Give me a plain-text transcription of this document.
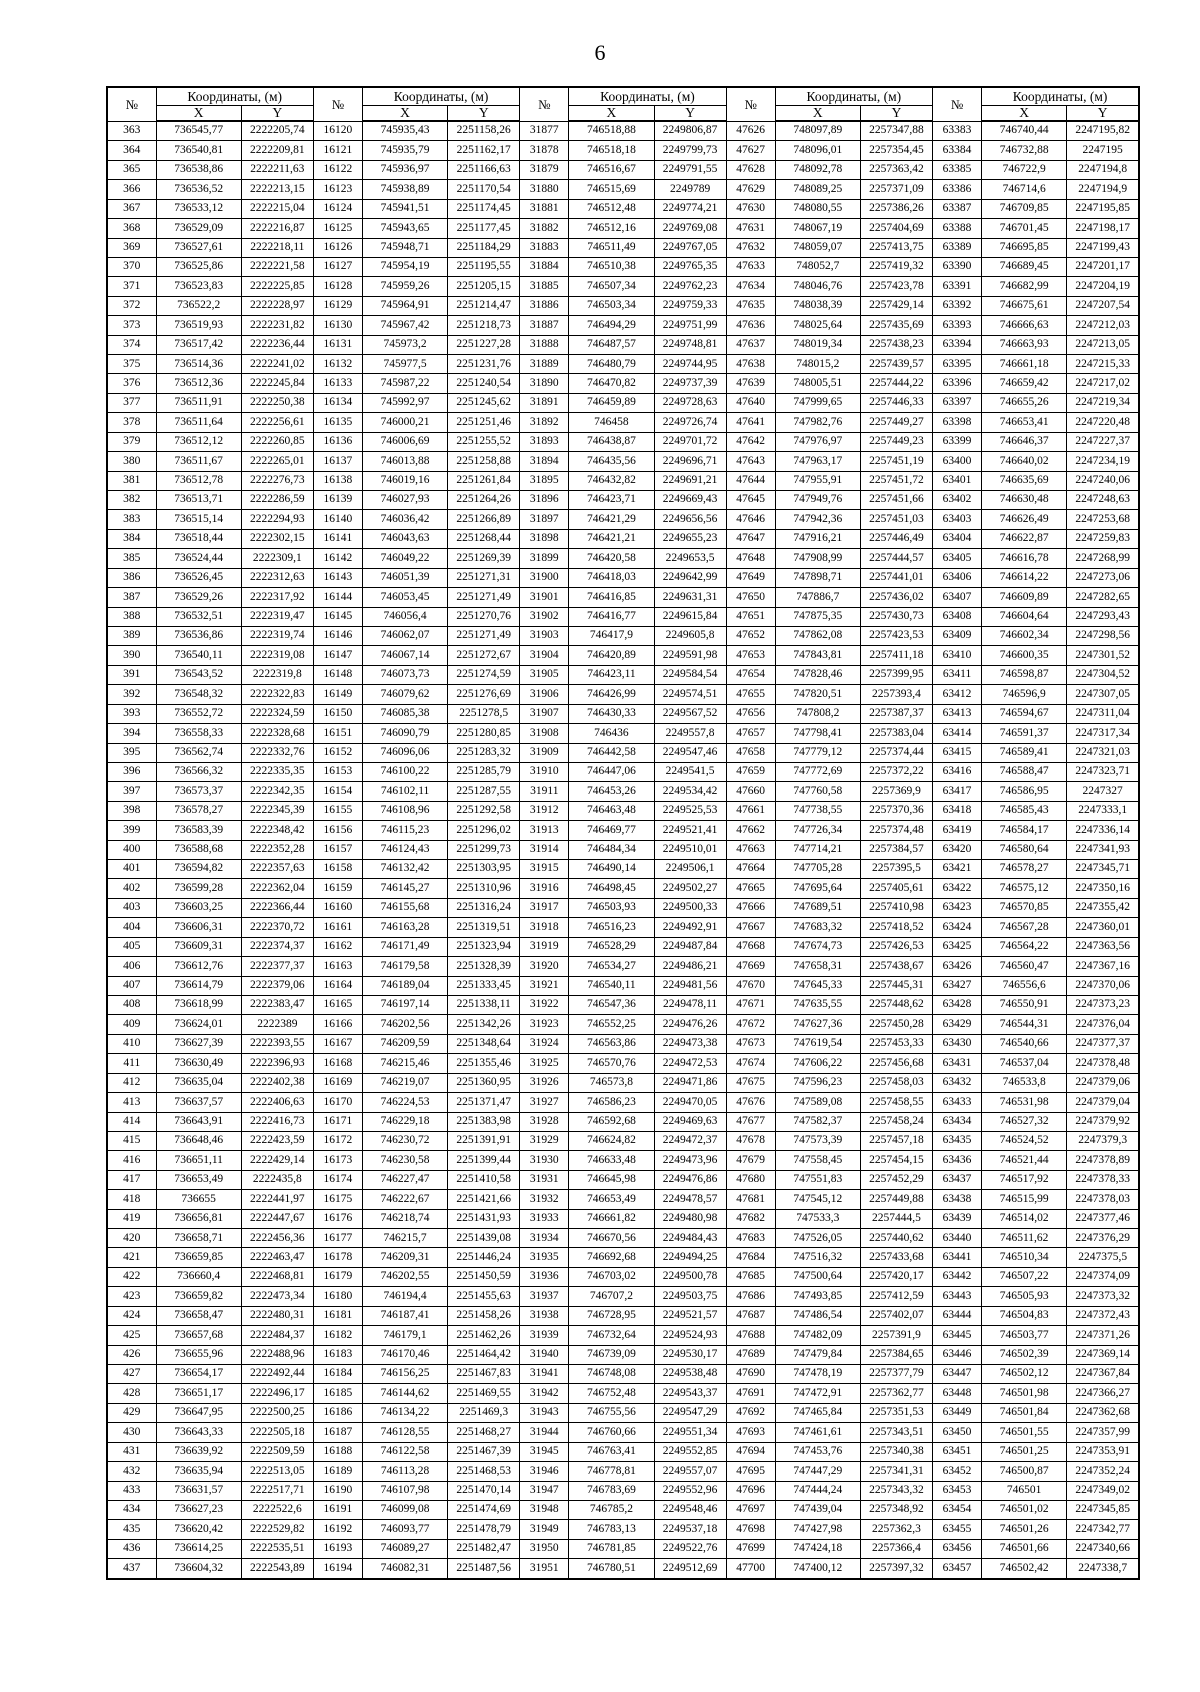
6
№	Координаты, (м)		№	Координаты, (м)		№	Координаты, (м)		№	Координаты, (м)		№	Координаты, (м)	
	X	Y		X	Y		X	Y		X	Y		X	Y
363	736545,77	2222205,74	16120	745935,43	2251158,26	31877	746518,88	2249806,87	47626	748097,89	2257347,88	63383	746740,44	2247195,82
364	736540,81	2222209,81	16121	745935,79	2251162,17	31878	746518,18	2249799,73	47627	748096,01	2257354,45	63384	746732,88	2247195
365	736538,86	2222211,63	16122	745936,97	2251166,63	31879	746516,67	2249791,55	47628	748092,78	2257363,42	63385	746722,9	2247194,8
366	736536,52	2222213,15	16123	745938,89	2251170,54	31880	746515,69	2249789	47629	748089,25	2257371,09	63386	746714,6	2247194,9
367	736533,12	2222215,04	16124	745941,51	2251174,45	31881	746512,48	2249774,21	47630	748080,55	2257386,26	63387	746709,85	2247195,85
368	736529,09	2222216,87	16125	745943,65	2251177,45	31882	746512,16	2249769,08	47631	748067,19	2257404,69	63388	746701,45	2247198,17
369	736527,61	2222218,11	16126	745948,71	2251184,29	31883	746511,49	2249767,05	47632	748059,07	2257413,75	63389	746695,85	2247199,43
370	736525,86	2222221,58	16127	745954,19	2251195,55	31884	746510,38	2249765,35	47633	748052,7	2257419,32	63390	746689,45	2247201,17
371	736523,83	2222225,85	16128	745959,26	2251205,15	31885	746507,34	2249762,23	47634	748046,76	2257423,78	63391	746682,99	2247204,19
372	736522,2	2222228,97	16129	745964,91	2251214,47	31886	746503,34	2249759,33	47635	748038,39	2257429,14	63392	746675,61	2247207,54
373	736519,93	2222231,82	16130	745967,42	2251218,73	31887	746494,29	2249751,99	47636	748025,64	2257435,69	63393	746666,63	2247212,03
374	736517,42	2222236,44	16131	745973,2	2251227,28	31888	746487,57	2249748,81	47637	748019,34	2257438,23	63394	746663,93	2247213,05
375	736514,36	2222241,02	16132	745977,5	2251231,76	31889	746480,79	2249744,95	47638	748015,2	2257439,57	63395	746661,18	2247215,33
376	736512,36	2222245,84	16133	745987,22	2251240,54	31890	746470,82	2249737,39	47639	748005,51	2257444,22	63396	746659,42	2247217,02
377	736511,91	2222250,38	16134	745992,97	2251245,62	31891	746459,89	2249728,63	47640	747999,65	2257446,33	63397	746655,26	2247219,34
378	736511,64	2222256,61	16135	746000,21	2251251,46	31892	746458	2249726,74	47641	747982,76	2257449,27	63398	746653,41	2247220,48
379	736512,12	2222260,85	16136	746006,69	2251255,52	31893	746438,87	2249701,72	47642	747976,97	2257449,23	63399	746646,37	2247227,37
380	736511,67	2222265,01	16137	746013,88	2251258,88	31894	746435,56	2249696,71	47643	747963,17	2257451,19	63400	746640,02	2247234,19
381	736512,78	2222276,73	16138	746019,16	2251261,84	31895	746432,82	2249691,21	47644	747955,91	2257451,72	63401	746635,69	2247240,06
382	736513,71	2222286,59	16139	746027,93	2251264,26	31896	746423,71	2249669,43	47645	747949,76	2257451,66	63402	746630,48	2247248,63
383	736515,14	2222294,93	16140	746036,42	2251266,89	31897	746421,29	2249656,56	47646	747942,36	2257451,03	63403	746626,49	2247253,68
384	736518,44	2222302,15	16141	746043,63	2251268,44	31898	746421,21	2249655,23	47647	747916,21	2257446,49	63404	746622,87	2247259,83
385	736524,44	2222309,1	16142	746049,22	2251269,39	31899	746420,58	2249653,5	47648	747908,99	2257444,57	63405	746616,78	2247268,99
386	736526,45	2222312,63	16143	746051,39	2251271,31	31900	746418,03	2249642,99	47649	747898,71	2257441,01	63406	746614,22	2247273,06
387	736529,26	2222317,92	16144	746053,45	2251271,49	31901	746416,85	2249631,31	47650	747886,7	2257436,02	63407	746609,89	2247282,65
388	736532,51	2222319,47	16145	746056,4	2251270,76	31902	746416,77	2249615,84	47651	747875,35	2257430,73	63408	746604,64	2247293,43
389	736536,86	2222319,74	16146	746062,07	2251271,49	31903	746417,9	2249605,8	47652	747862,08	2257423,53	63409	746602,34	2247298,56
390	736540,11	2222319,08	16147	746067,14	2251272,67	31904	746420,89	2249591,98	47653	747843,81	2257411,18	63410	746600,35	2247301,52
391	736543,52	2222319,8	16148	746073,73	2251274,59	31905	746423,11	2249584,54	47654	747828,46	2257399,95	63411	746598,87	2247304,52
392	736548,32	2222322,83	16149	746079,62	2251276,69	31906	746426,99	2249574,51	47655	747820,51	2257393,4	63412	746596,9	2247307,05
393	736552,72	2222324,59	16150	746085,38	2251278,5	31907	746430,33	2249567,52	47656	747808,2	2257387,37	63413	746594,67	2247311,04
394	736558,33	2222328,68	16151	746090,79	2251280,85	31908	746436	2249557,8	47657	747798,41	2257383,04	63414	746591,37	2247317,34
395	736562,74	2222332,76	16152	746096,06	2251283,32	31909	746442,58	2249547,46	47658	747779,12	2257374,44	63415	746589,41	2247321,03
396	736566,32	2222335,35	16153	746100,22	2251285,79	31910	746447,06	2249541,5	47659	747772,69	2257372,22	63416	746588,47	2247323,71
397	736573,37	2222342,35	16154	746102,11	2251287,55	31911	746453,26	2249534,42	47660	747760,58	2257369,9	63417	746586,95	2247327
398	736578,27	2222345,39	16155	746108,96	2251292,58	31912	746463,48	2249525,53	47661	747738,55	2257370,36	63418	746585,43	2247333,1
399	736583,39	2222348,42	16156	746115,23	2251296,02	31913	746469,77	2249521,41	47662	747726,34	2257374,48	63419	746584,17	2247336,14
400	736588,68	2222352,28	16157	746124,43	2251299,73	31914	746484,34	2249510,01	47663	747714,21	2257384,57	63420	746580,64	2247341,93
401	736594,82	2222357,63	16158	746132,42	2251303,95	31915	746490,14	2249506,1	47664	747705,28	2257395,5	63421	746578,27	2247345,71
402	736599,28	2222362,04	16159	746145,27	2251310,96	31916	746498,45	2249502,27	47665	747695,64	2257405,61	63422	746575,12	2247350,16
403	736603,25	2222366,44	16160	746155,68	2251316,24	31917	746503,93	2249500,33	47666	747689,51	2257410,98	63423	746570,85	2247355,42
404	736606,31	2222370,72	16161	746163,28	2251319,51	31918	746516,23	2249492,91	47667	747683,32	2257418,52	63424	746567,28	2247360,01
405	736609,31	2222374,37	16162	746171,49	2251323,94	31919	746528,29	2249487,84	47668	747674,73	2257426,53	63425	746564,22	2247363,56
406	736612,76	2222377,37	16163	746179,58	2251328,39	31920	746534,27	2249486,21	47669	747658,31	2257438,67	63426	746560,47	2247367,16
407	736614,79	2222379,06	16164	746189,04	2251333,45	31921	746540,11	2249481,56	47670	747645,33	2257445,31	63427	746556,6	2247370,06
408	736618,99	2222383,47	16165	746197,14	2251338,11	31922	746547,36	2249478,11	47671	747635,55	2257448,62	63428	746550,91	2247373,23
409	736624,01	2222389	16166	746202,56	2251342,26	31923	746552,25	2249476,26	47672	747627,36	2257450,28	63429	746544,31	2247376,04
410	736627,39	2222393,55	16167	746209,59	2251348,64	31924	746563,86	2249473,38	47673	747619,54	2257453,33	63430	746540,66	2247377,37
411	736630,49	2222396,93	16168	746215,46	2251355,46	31925	746570,76	2249472,53	47674	747606,22	2257456,68	63431	746537,04	2247378,48
412	736635,04	2222402,38	16169	746219,07	2251360,95	31926	746573,8	2249471,86	47675	747596,23	2257458,03	63432	746533,8	2247379,06
413	736637,57	2222406,63	16170	746224,53	2251371,47	31927	746586,23	2249470,05	47676	747589,08	2257458,55	63433	746531,98	2247379,04
414	736643,91	2222416,73	16171	746229,18	2251383,98	31928	746592,68	2249469,63	47677	747582,37	2257458,24	63434	746527,32	2247379,92
415	736648,46	2222423,59	16172	746230,72	2251391,91	31929	746624,82	2249472,37	47678	747573,39	2257457,18	63435	746524,52	2247379,3
416	736651,11	2222429,14	16173	746230,58	2251399,44	31930	746633,48	2249473,96	47679	747558,45	2257454,15	63436	746521,44	2247378,89
417	736653,49	2222435,8	16174	746227,47	2251410,58	31931	746645,98	2249476,86	47680	747551,83	2257452,29	63437	746517,92	2247378,33
418	736655	2222441,97	16175	746222,67	2251421,66	31932	746653,49	2249478,57	47681	747545,12	2257449,88	63438	746515,99	2247378,03
419	736656,81	2222447,67	16176	746218,74	2251431,93	31933	746661,82	2249480,98	47682	747533,3	2257444,5	63439	746514,02	2247377,46
420	736658,71	2222456,36	16177	746215,7	2251439,08	31934	746670,56	2249484,43	47683	747526,05	2257440,62	63440	746511,62	2247376,29
421	736659,85	2222463,47	16178	746209,31	2251446,24	31935	746692,68	2249494,25	47684	747516,32	2257433,68	63441	746510,34	2247375,5
422	736660,4	2222468,81	16179	746202,55	2251450,59	31936	746703,02	2249500,78	47685	747500,64	2257420,17	63442	746507,22	2247374,09
423	736659,82	2222473,34	16180	746194,4	2251455,63	31937	746707,2	2249503,75	47686	747493,85	2257412,59	63443	746505,93	2247373,32
424	736658,47	2222480,31	16181	746187,41	2251458,26	31938	746728,95	2249521,57	47687	747486,54	2257402,07	63444	746504,83	2247372,43
425	736657,68	2222484,37	16182	746179,1	2251462,26	31939	746732,64	2249524,93	47688	747482,09	2257391,9	63445	746503,77	2247371,26
426	736655,96	2222488,96	16183	746170,46	2251464,42	31940	746739,09	2249530,17	47689	747479,84	2257384,65	63446	746502,39	2247369,14
427	736654,17	2222492,44	16184	746156,25	2251467,83	31941	746748,08	2249538,48	47690	747478,19	2257377,79	63447	746502,12	2247367,84
428	736651,17	2222496,17	16185	746144,62	2251469,55	31942	746752,48	2249543,37	47691	747472,91	2257362,77	63448	746501,98	2247366,27
429	736647,95	2222500,25	16186	746134,22	2251469,3	31943	746755,56	2249547,29	47692	747465,84	2257351,53	63449	746501,84	2247362,68
430	736643,33	2222505,18	16187	746128,55	2251468,27	31944	746760,66	2249551,34	47693	747461,61	2257343,51	63450	746501,55	2247357,99
431	736639,92	2222509,59	16188	746122,58	2251467,39	31945	746763,41	2249552,85	47694	747453,76	2257340,38	63451	746501,25	2247353,91
432	736635,94	2222513,05	16189	746113,28	2251468,53	31946	746778,81	2249557,07	47695	747447,29	2257341,31	63452	746500,87	2247352,24
433	736631,57	2222517,71	16190	746107,98	2251470,14	31947	746783,69	2249552,96	47696	747444,24	2257343,32	63453	746501	2247349,02
434	736627,23	2222522,6	16191	746099,08	2251474,69	31948	746785,2	2249548,46	47697	747439,04	2257348,92	63454	746501,02	2247345,85
435	736620,42	2222529,82	16192	746093,77	2251478,79	31949	746783,13	2249537,18	47698	747427,98	2257362,3	63455	746501,26	2247342,77
436	736614,25	2222535,51	16193	746089,27	2251482,47	31950	746781,85	2249522,76	47699	747424,18	2257366,4	63456	746501,66	2247340,66
437	736604,32	2222543,89	16194	746082,31	2251487,56	31951	746780,51	2249512,69	47700	747400,12	2257397,32	63457	746502,42	2247338,7
